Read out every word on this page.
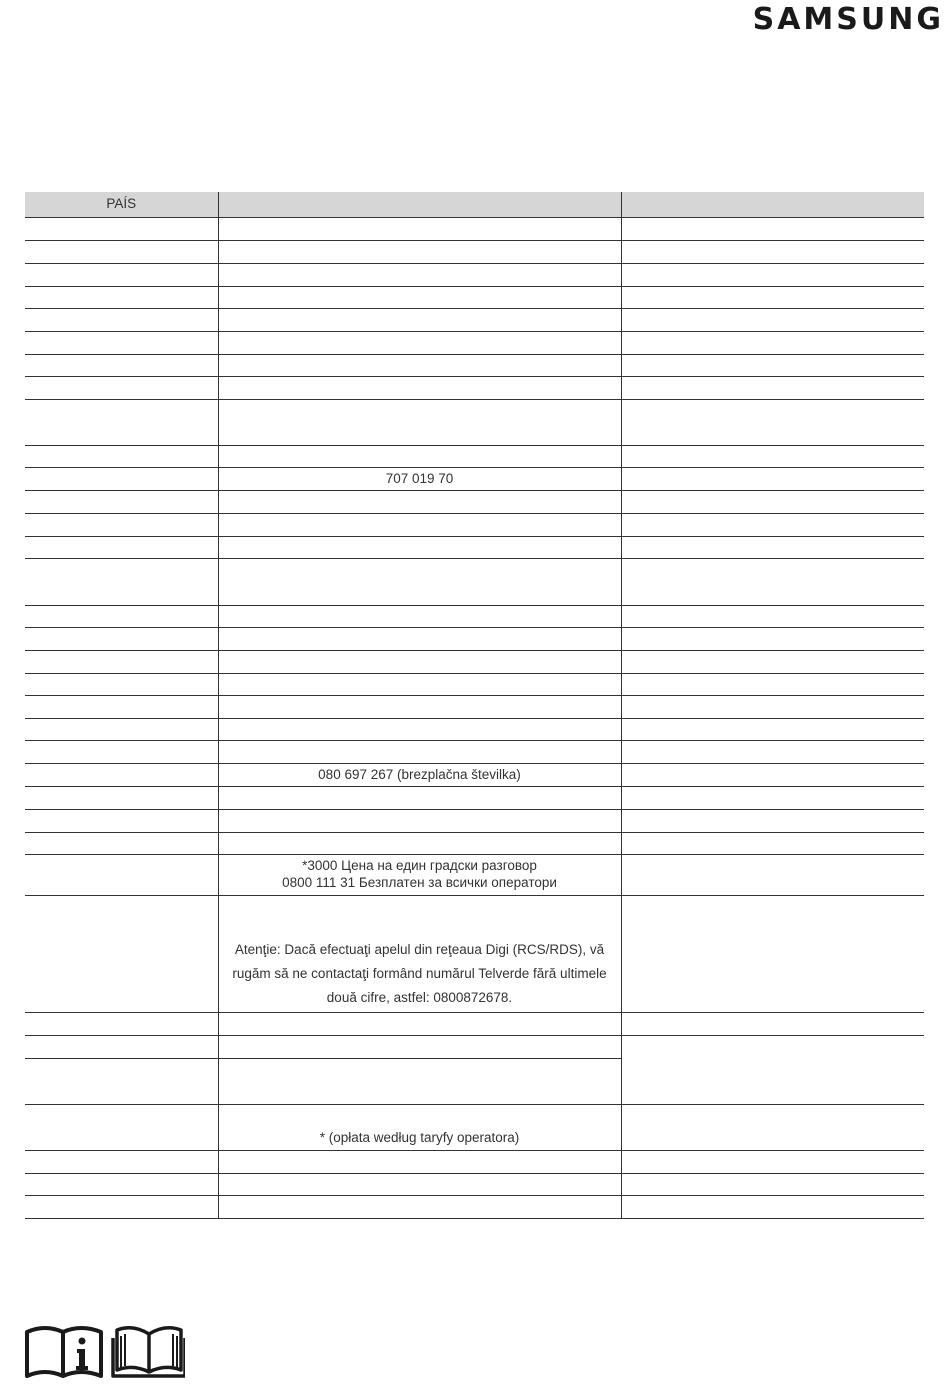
SAMSUNG
PAÍS		

	707 019 70	

	080 697 267 (brezplačna številka)	

	*3000 Цена на един градски разговор
0800 111 31 Безплатен за всички оператори	

	Atenţie: Dacă efectuaţi apelul din reţeaua Digi (RCS/RDS), vă
rugăm să ne contactaţi formând numărul Telverde fără ultimele
două cifre, astfel: 0800872678.	

	* (opłata według taryfy operatora)	
